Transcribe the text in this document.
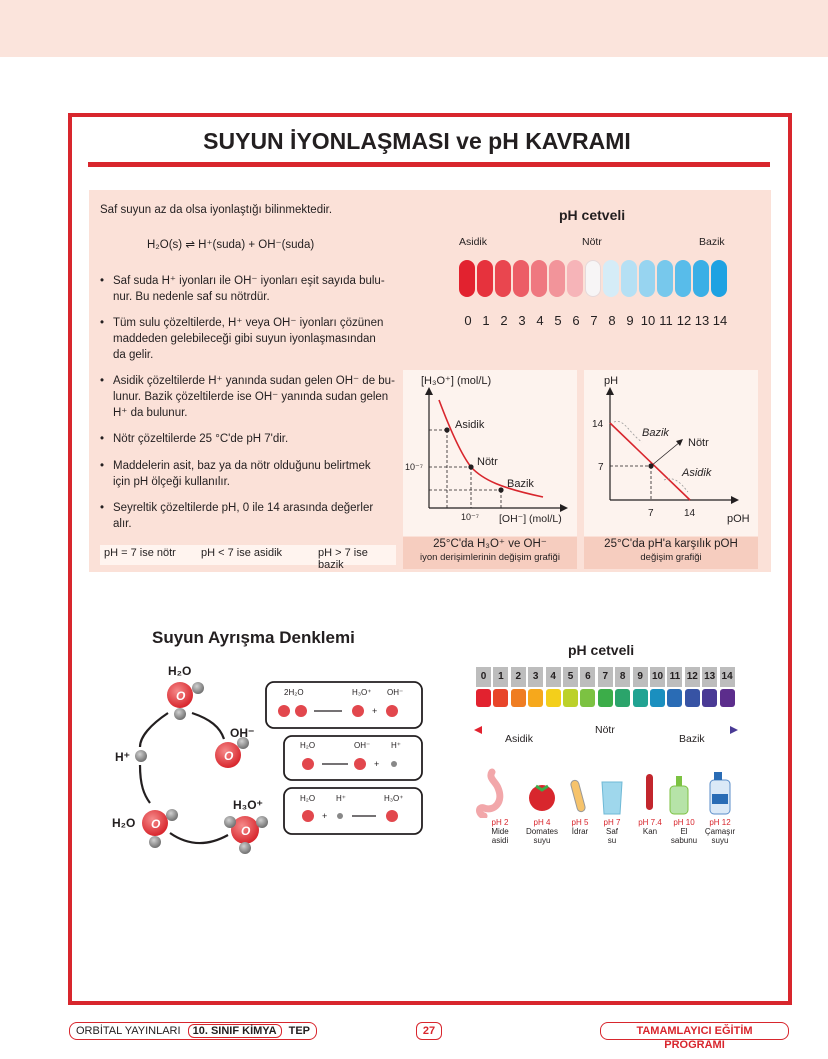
SUYUN İYONLAŞMASI ve pH KAVRAMI
Saf suyun az da olsa iyonlaştığı bilinmektedir.
H₂O(s) ⇌ H⁺(suda) + OH⁻(suda)
• Saf suda H⁺ iyonları ile OH⁻ iyonları eşit sayıda bulu-
nur. Bu nedenle saf su nötrdür.
• Tüm sulu çözeltilerde, H⁺ veya OH⁻ iyonları çözünen
maddeden gelebileceği gibi suyun iyonlaşmasından
da gelir.
• Asidik çözeltilerde H⁺ yanında sudan gelen OH⁻ de bu-
lunur. Bazik çözeltilerde ise OH⁻ yanında sudan gelen
H⁺ da bulunur.
• Nötr çözeltilerde 25 °C'de pH 7'dir.
• Maddelerin asit, baz ya da nötr olduğunu belirtmek
için pH ölçeği kullanılır.
• Seyreltik çözeltilerde pH, 0 ile 14 arasında değerler
alır.
pH = 7 ise nötr pH < 7 ise asidik	pH > 7 ise bazik
pH cetveli
Asidik	Nötr	Bazik
0 1 2 3 4 5 6 7 8 9 10 11 12 13 14
[H₃O⁺] (mol/L)
Asidik
Nötr
Bazik
10⁻⁷
10⁻⁷ [OH⁻] (mol/L)
25°C'da H₃O⁺ ve OH⁻
iyon derişimlerinin değişim grafiği
pH
Bazik
Nötr
Asidik
14
7
7	14	pOH
25°C'da pH'a karşılık pOH
değişim grafiği
Suyun Ayrışma Denklemi
O
H₂O
O
OH⁻
H⁺
O
H₂O
O
H₃O⁺
2H₂O	H₃O⁺ OH⁻
+
H₂O	OH⁻	H⁺
+
H₂O	H⁺	H₃O⁺
+
pH cetveli
0	1	2	3	4	5	6	7	8	9 10 11 12 13 14
Asidik
Nötr
Bazik
pH 2
Mide
asidi
pH 4
Domates
suyu
pH 5
İdrar
pH 7
Saf
su
pH 7.4
Kan
pH 10
El
sabunu
pH 12
Çamaşır
suyu
ORBİTAL YAYINLARI 10. SINIF KİMYA TEP	27	TAMAMLAYICI EĞİTİM PROGRAMI
